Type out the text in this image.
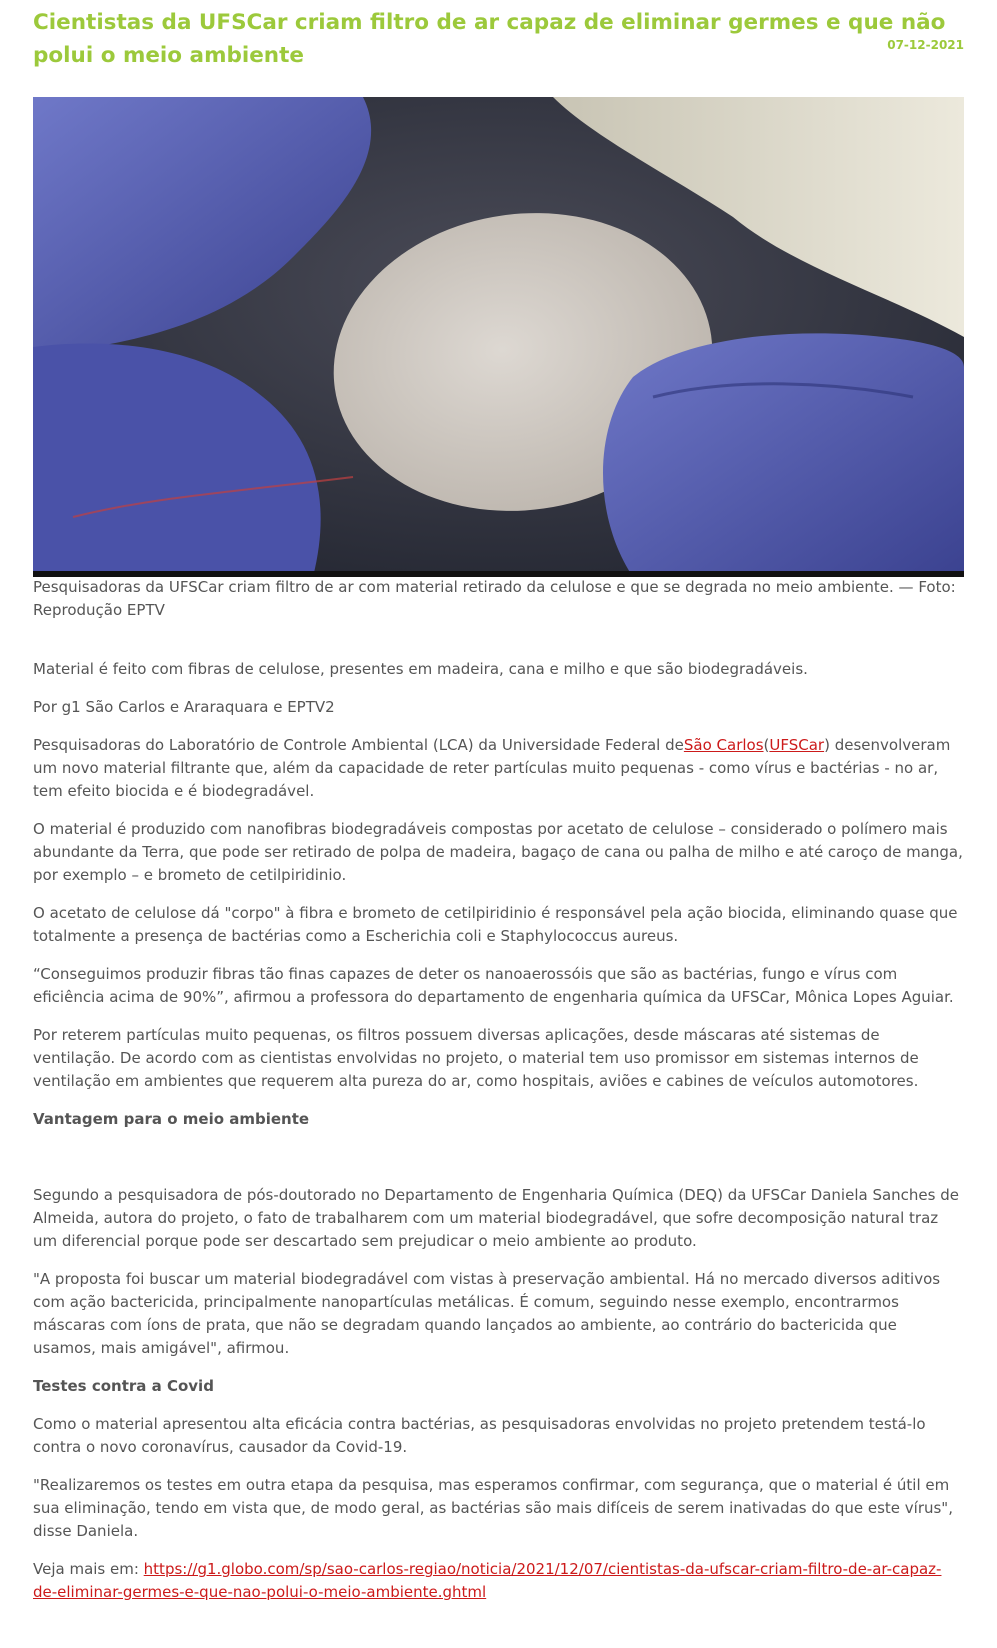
Cientistas da UFSCar criam filtro de ar capaz de eliminar germes e que não polui o meio ambiente	07-12-2021
Pesquisadoras da UFSCar criam filtro de ar com material retirado da celulose e que se degrada no meio ambiente. — Foto: Reprodução EPTV

Material é feito com fibras de celulose, presentes em madeira, cana e milho e que são biodegradáveis.

Por g1 São Carlos e Araraquara e EPTV2

Pesquisadoras do Laboratório de Controle Ambiental (LCA) da Universidade Federal deSão Carlos(UFSCar) desenvolveram um novo material filtrante que, além da capacidade de reter partículas muito pequenas - como vírus e bactérias - no ar, tem efeito biocida e é biodegradável.

O material é produzido com nanofibras biodegradáveis compostas por acetato de celulose – considerado o polímero mais abundante da Terra, que pode ser retirado de polpa de madeira, bagaço de cana ou palha de milho e até caroço de manga, por exemplo – e brometo de cetilpiridinio.

O acetato de celulose dá "corpo" à fibra e brometo de cetilpiridinio é responsável pela ação biocida, eliminando quase que totalmente a presença de bactérias como a Escherichia coli e Staphylococcus aureus.

“Conseguimos produzir fibras tão finas capazes de deter os nanoaerossóis que são as bactérias, fungo e vírus com eficiência acima de 90%”, afirmou a professora do departamento de engenharia química da UFSCar, Mônica Lopes Aguiar.

Por reterem partículas muito pequenas, os filtros possuem diversas aplicações, desde máscaras até sistemas de ventilação. De acordo com as cientistas envolvidas no projeto, o material tem uso promissor em sistemas internos de ventilação em ambientes que requerem alta pureza do ar, como hospitais, aviões e cabines de veículos automotores.

Vantagem para o meio ambiente

Segundo a pesquisadora de pós-doutorado no Departamento de Engenharia Química (DEQ) da UFSCar Daniela Sanches de Almeida, autora do projeto, o fato de trabalharem com um material biodegradável, que sofre decomposição natural traz um diferencial porque pode ser descartado sem prejudicar o meio ambiente ao produto.

"A proposta foi buscar um material biodegradável com vistas à preservação ambiental. Há no mercado diversos aditivos com ação bactericida, principalmente nanopartículas metálicas. É comum, seguindo nesse exemplo, encontrarmos máscaras com íons de prata, que não se degradam quando lançados ao ambiente, ao contrário do bactericida que usamos, mais amigável", afirmou.

Testes contra a Covid

Como o material apresentou alta eficácia contra bactérias, as pesquisadoras envolvidas no projeto pretendem testá-lo contra o novo coronavírus, causador da Covid-19.

"Realizaremos os testes em outra etapa da pesquisa, mas esperamos confirmar, com segurança, que o material é útil em sua eliminação, tendo em vista que, de modo geral, as bactérias são mais difíceis de serem inativadas do que este vírus", disse Daniela.

Veja mais em: https://g1.globo.com/sp/sao-carlos-regiao/noticia/2021/12/07/cientistas-da-ufscar-criam-filtro-de-ar-capaz-de-eliminar-germes-e-que-nao-polui-o-meio-ambiente.ghtml
